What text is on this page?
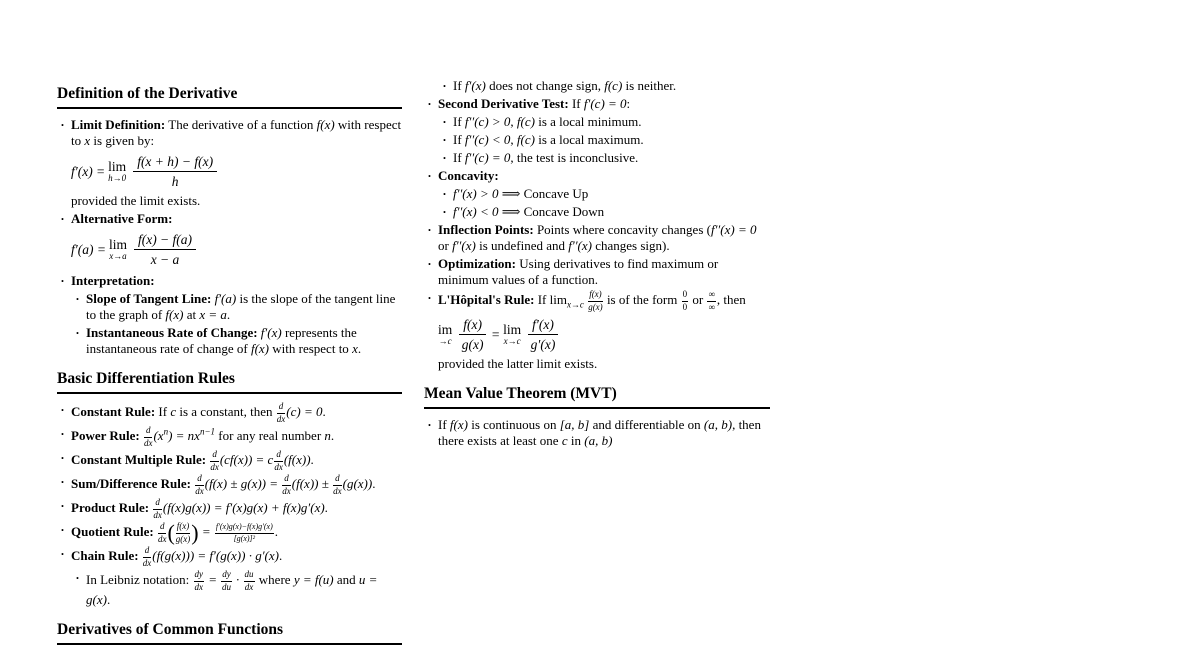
Definition of the Derivative
• Limit Definition: The derivative of a function f(x) with respect to x is given by:
f′(x) = lim
$h\to 0 \frac{f(x + h) - f(x)}{h}$
provided the limit exists.
• Alternative Form:
f′(a) = lim
$x\to a \frac{f(x) - f(a)}{x - a}$
• Interpretation:
• Slope of Tangent Line: f′(a) is the slope of the tangent line to the graph of f(x) at x = a.
• Instantaneous Rate of Change: f′(x) represents the instantaneous rate of change of f(x) with respect to x.
Basic Differentiation Rules
• Constant Rule: If c is a constant, then $\frac{d}{dx} (c) = 0$.
• Power Rule: $\frac{d}{dx} (x^n) = nx^{n-1}$ for any real number n.
• Constant Multiple Rule: $\frac{d}{dx} (cf(x)) = c \frac{d}{dx} (f(x))$.
• Sum/Difference Rule: $\frac{d}{dx} (f(x) \pm g(x)) = \frac{d}{dx} (f(x)) \pm \frac{d}{dx} (g(x))$.
• Product Rule: $\frac{d}{dx} (f(x)g(x)) = f'(x)g(x) + f(x)g'(x)$.
• Quotient Rule: $\frac{d}{dx}$ ( $\frac{f(x)}{g(x)}$ ) = $\frac{f'(x)g(x)-f(x)g'(x)}{\text{[g(x)]²}}$ .
• Chain Rule: $\frac{d}{dx} (f(g(x))) = f'(g(x)) \cdot g'(x)$.
• In Leibniz notation: $\frac{dy}{dx} = \frac{dy}{du} \cdot \frac{du}{dx}$ where y = f(u) and u = g(x).
Derivatives of Common Functions
• If f′(x) does not change sign, f(c) is neither.
• Second Derivative Test: If f′(c) = 0:
• If f′′(c) > 0, f(c) is a local minimum.
• If f′′(c) < 0, f(c) is a local maximum.
• If f′′(c) = 0, the test is inconclusive.
• Concavity:
• f′′(x) > 0 ⟹ Concave Up
• f′′(x) < 0 ⟹ Concave Down
• Inflection Points: Points where concavity changes (f′′(x) = 0 or f′′(x) is undefined and f′′(x) changes sign).
• Optimization: Using derivatives to find maximum or minimum values of a function.
• L'Hôpital's Rule: If $\lim_{x\to c} \frac{f(x)}{g(x)}$ is of the form $\frac{0}{0}$ or $\frac{\infty}{\infty}$ , then
im
$\to c \frac{f(x)}{g(x)} = \lim$
$x\to c \frac{f'(x)}{g'(x)}$
provided the latter limit exists.
Mean Value Theorem (MVT)
• If f(x) is continuous on [a, b] and differentiable on (a, b), then there exists at least one c in (a, b)
